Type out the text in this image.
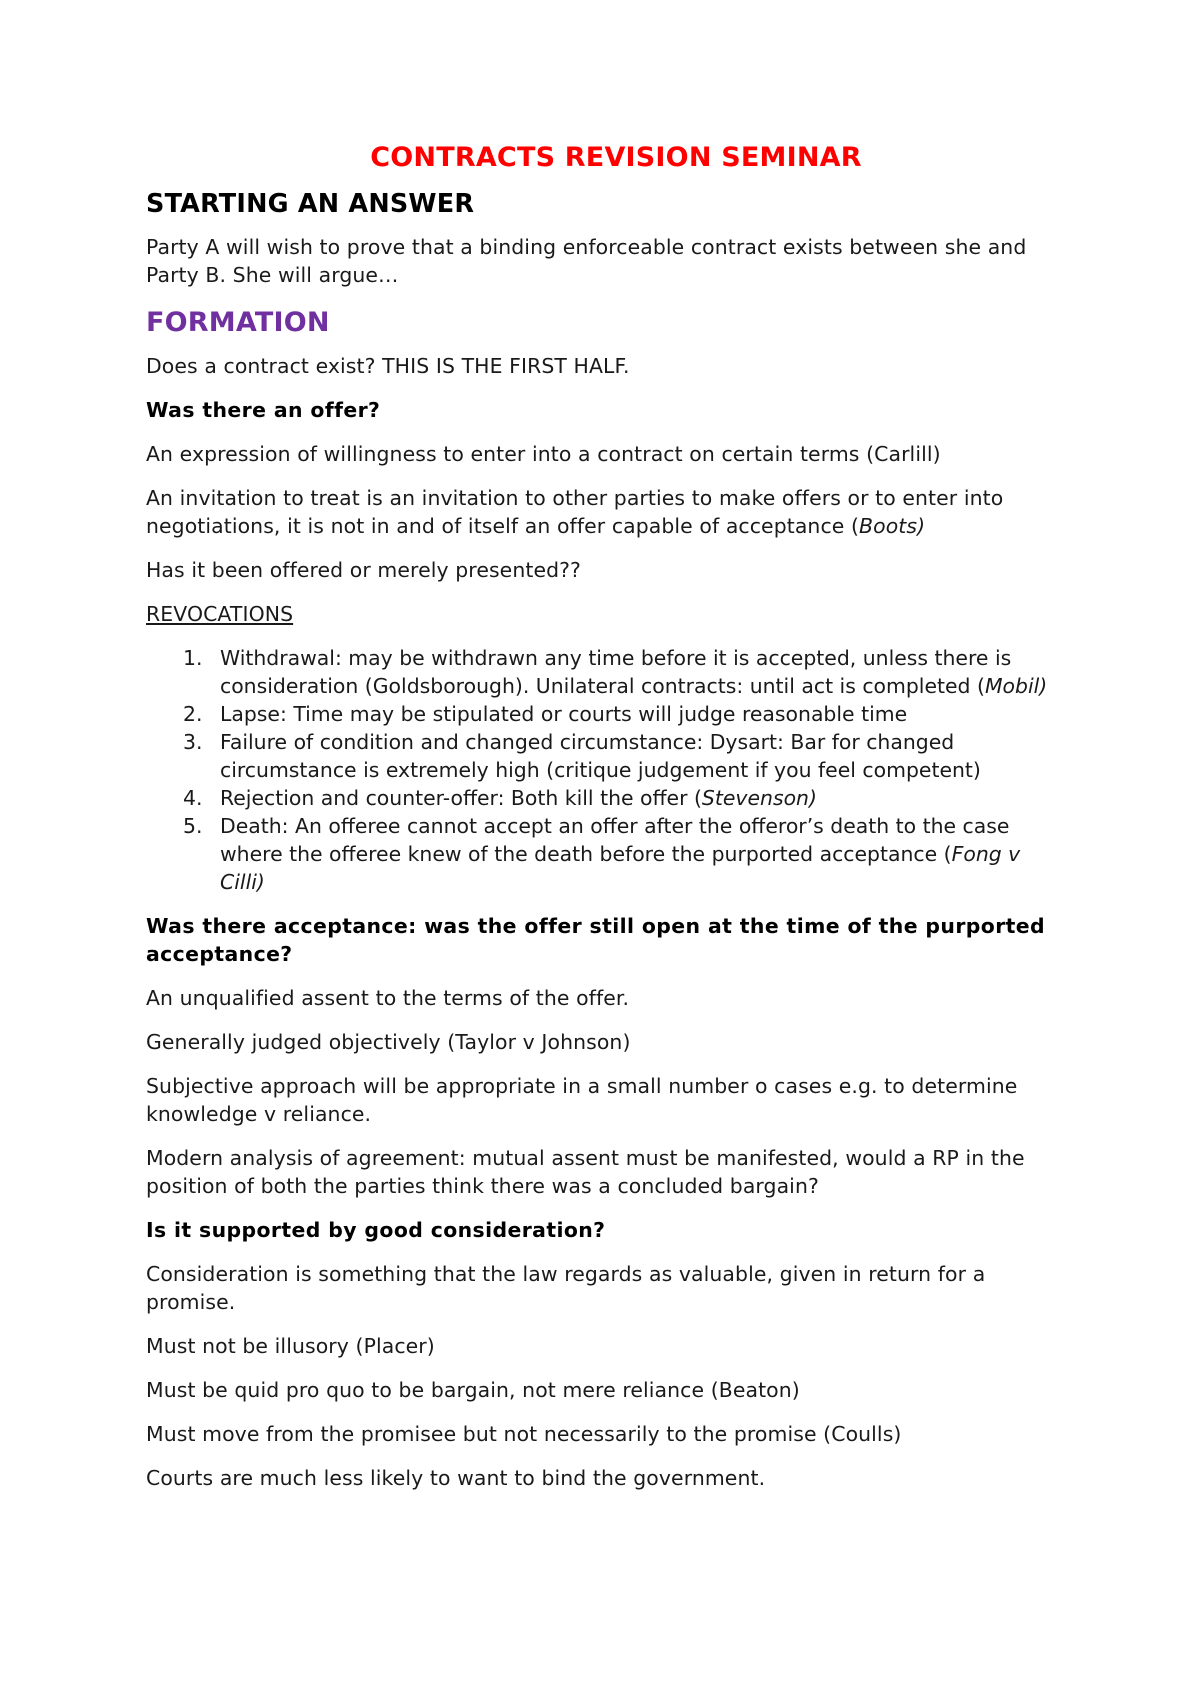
CONTRACTS REVISION SEMINAR
STARTING AN ANSWER

Party A will wish to prove that a binding enforceable contract exists between she and Party B. She will argue…

FORMATION

Does a contract exist? THIS IS THE FIRST HALF.

Was there an offer?

An expression of willingness to enter into a contract on certain terms (Carlill)

An invitation to treat is an invitation to other parties to make offers or to enter into negotiations, it is not in and of itself an offer capable of acceptance (Boots)

Has it been offered or merely presented??

REVOCATIONS

1. Withdrawal: may be withdrawn any time before it is accepted, unless there is consideration (Goldsborough). Unilateral contracts: until act is completed (Mobil)
2. Lapse: Time may be stipulated or courts will judge reasonable time
3. Failure of condition and changed circumstance: Dysart: Bar for changed circumstance is extremely high (critique judgement if you feel competent)
4. Rejection and counter-offer: Both kill the offer (Stevenson)
5. Death: An offeree cannot accept an offer after the offeror’s death to the case where the offeree knew of the death before the purported acceptance (Fong v Cilli)

Was there acceptance: was the offer still open at the time of the purported acceptance?

An unqualified assent to the terms of the offer.

Generally judged objectively (Taylor v Johnson)

Subjective approach will be appropriate in a small number o cases e.g. to determine knowledge v reliance.

Modern analysis of agreement: mutual assent must be manifested, would a RP in the position of both the parties think there was a concluded bargain?

Is it supported by good consideration?

Consideration is something that the law regards as valuable, given in return for a promise.

Must not be illusory (Placer)

Must be quid pro quo to be bargain, not mere reliance (Beaton)

Must move from the promisee but not necessarily to the promise (Coulls)

Courts are much less likely to want to bind the government.
